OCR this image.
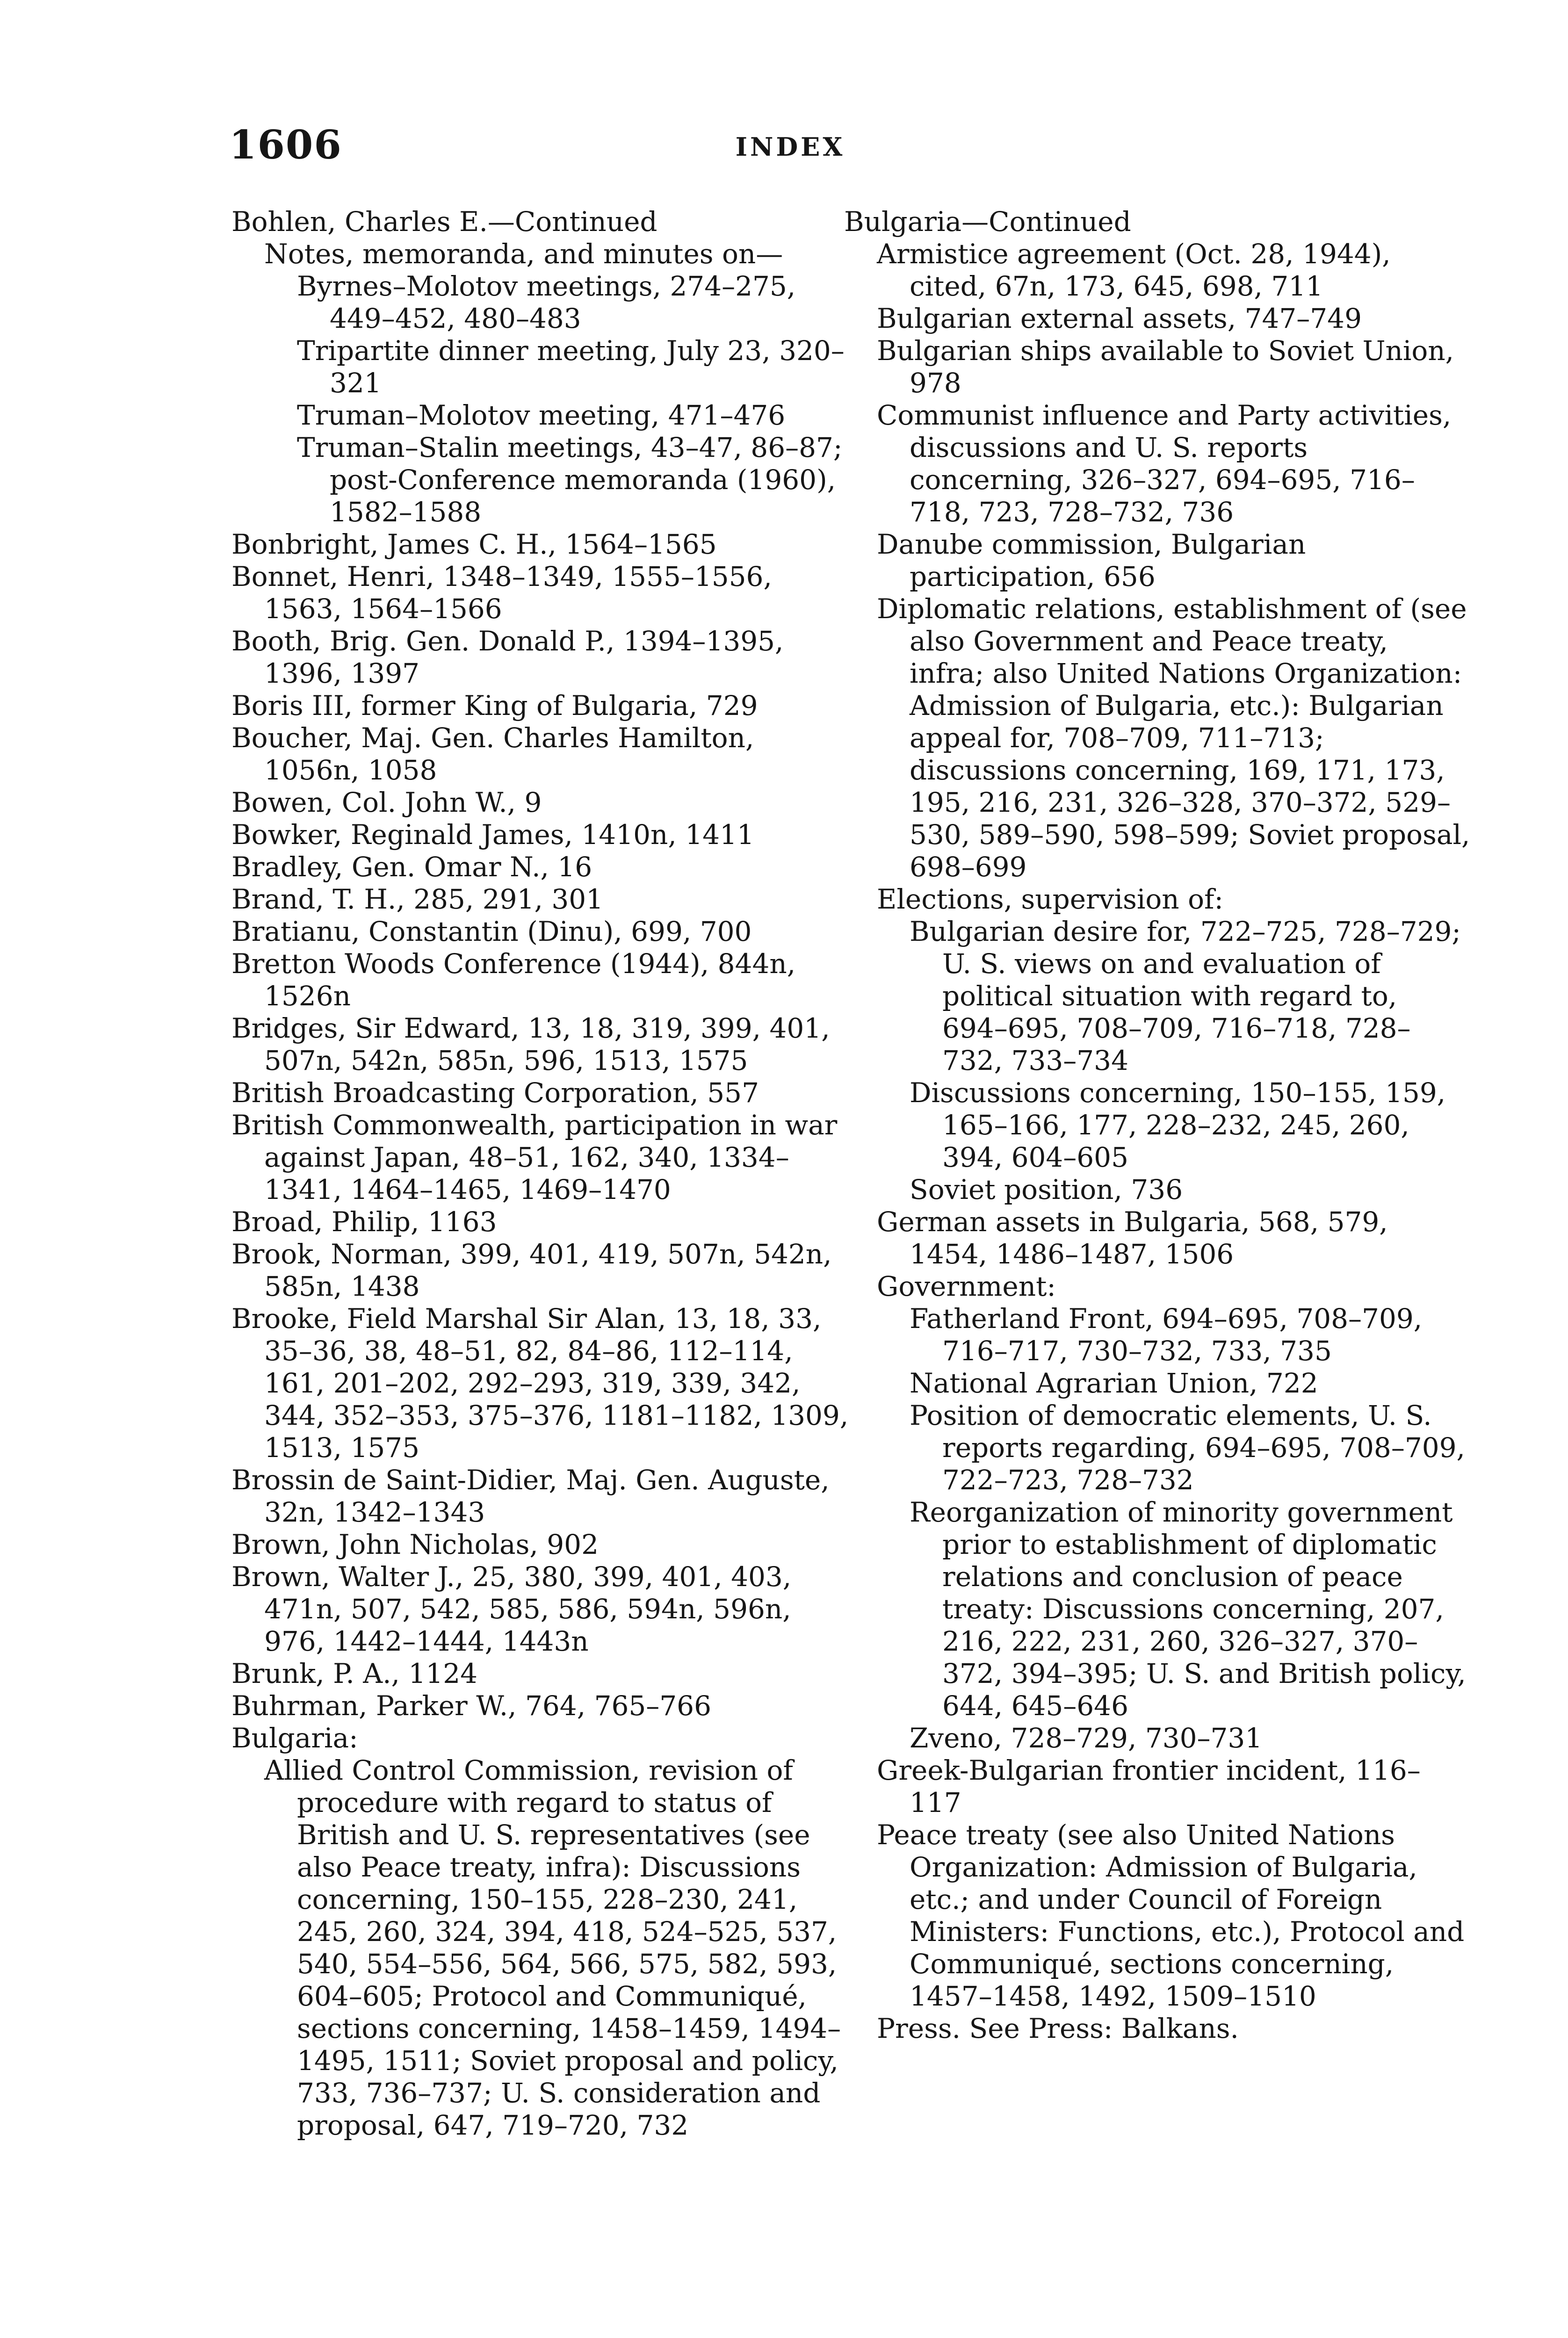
1606	INDEX

Bohlen, Charles E.—Continued

Notes, memoranda, and minutes on—

Byrnes–Molotov meetings, 274–275, 449–452, 480–483

Tripartite dinner meeting, July 23, 320–321

Truman–Molotov meeting, 471–476

Truman–Stalin meetings, 43–47, 86–87; post-Conference memoranda (1960), 1582–1588

Bonbright, James C. H., 1564–1565

Bonnet, Henri, 1348–1349, 1555–1556, 1563, 1564–1566

Booth, Brig. Gen. Donald P., 1394–1395, 1396, 1397

Boris III, former King of Bulgaria, 729

Boucher, Maj. Gen. Charles Hamilton, 1056n, 1058

Bowen, Col. John W., 9

Bowker, Reginald James, 1410n, 1411

Bradley, Gen. Omar N., 16

Brand, T. H., 285, 291, 301

Bratianu, Constantin (Dinu), 699, 700

Bretton Woods Conference (1944), 844n, 1526n

Bridges, Sir Edward, 13, 18, 319, 399, 401, 507n, 542n, 585n, 596, 1513, 1575

British Broadcasting Corporation, 557

British Commonwealth, participation in war against Japan, 48–51, 162, 340, 1334–1341, 1464–1465, 1469–1470

Broad, Philip, 1163

Brook, Norman, 399, 401, 419, 507n, 542n, 585n, 1438

Brooke, Field Marshal Sir Alan, 13, 18, 33, 35–36, 38, 48–51, 82, 84–86, 112–114, 161, 201–202, 292–293, 319, 339, 342, 344, 352–353, 375–376, 1181–1182, 1309, 1513, 1575

Brossin de Saint-Didier, Maj. Gen. Auguste, 32n, 1342–1343

Brown, John Nicholas, 902

Brown, Walter J., 25, 380, 399, 401, 403, 471n, 507, 542, 585, 586, 594n, 596n, 976, 1442–1444, 1443n

Brunk, P. A., 1124

Buhrman, Parker W., 764, 765–766

Bulgaria:

Allied Control Commission, revision of procedure with regard to status of British and U. S. representatives (see also Peace treaty, infra): Discussions concerning, 150–155, 228–230, 241, 245, 260, 324, 394, 418, 524–525, 537, 540, 554–556, 564, 566, 575, 582, 593, 604–605; Protocol and Communiqué, sections concerning, 1458–1459, 1494–1495, 1511; Soviet proposal and policy, 733, 736–737; U. S. consideration and proposal, 647, 719–720, 732

Bulgaria—Continued

Armistice agreement (Oct. 28, 1944), cited, 67n, 173, 645, 698, 711

Bulgarian external assets, 747–749

Bulgarian ships available to Soviet Union, 978

Communist influence and Party activities, discussions and U. S. reports concerning, 326–327, 694–695, 716–718, 723, 728–732, 736

Danube commission, Bulgarian participation, 656

Diplomatic relations, establishment of (see also Government and Peace treaty, infra; also United Nations Organization: Admission of Bulgaria, etc.): Bulgarian appeal for, 708–709, 711–713; discussions concerning, 169, 171, 173, 195, 216, 231, 326–328, 370–372, 529–530, 589–590, 598–599; Soviet proposal, 698–699

Elections, supervision of:

Bulgarian desire for, 722–725, 728–729; U. S. views on and evaluation of political situation with regard to, 694–695, 708–709, 716–718, 728–732, 733–734

Discussions concerning, 150–155, 159, 165–166, 177, 228–232, 245, 260, 394, 604–605

Soviet position, 736

German assets in Bulgaria, 568, 579, 1454, 1486–1487, 1506

Government:

Fatherland Front, 694–695, 708–709, 716–717, 730–732, 733, 735

National Agrarian Union, 722

Position of democratic elements, U. S. reports regarding, 694–695, 708–709, 722–723, 728–732

Reorganization of minority government prior to establishment of diplomatic relations and conclusion of peace treaty: Discussions concerning, 207, 216, 222, 231, 260, 326–327, 370–372, 394–395; U. S. and British policy, 644, 645–646

Zveno, 728–729, 730–731

Greek-Bulgarian frontier incident, 116–117

Peace treaty (see also United Nations Organization: Admission of Bulgaria, etc.; and under Council of Foreign Ministers: Functions, etc.), Protocol and Communiqué, sections concerning, 1457–1458, 1492, 1509–1510

Press. See Press: Balkans.
